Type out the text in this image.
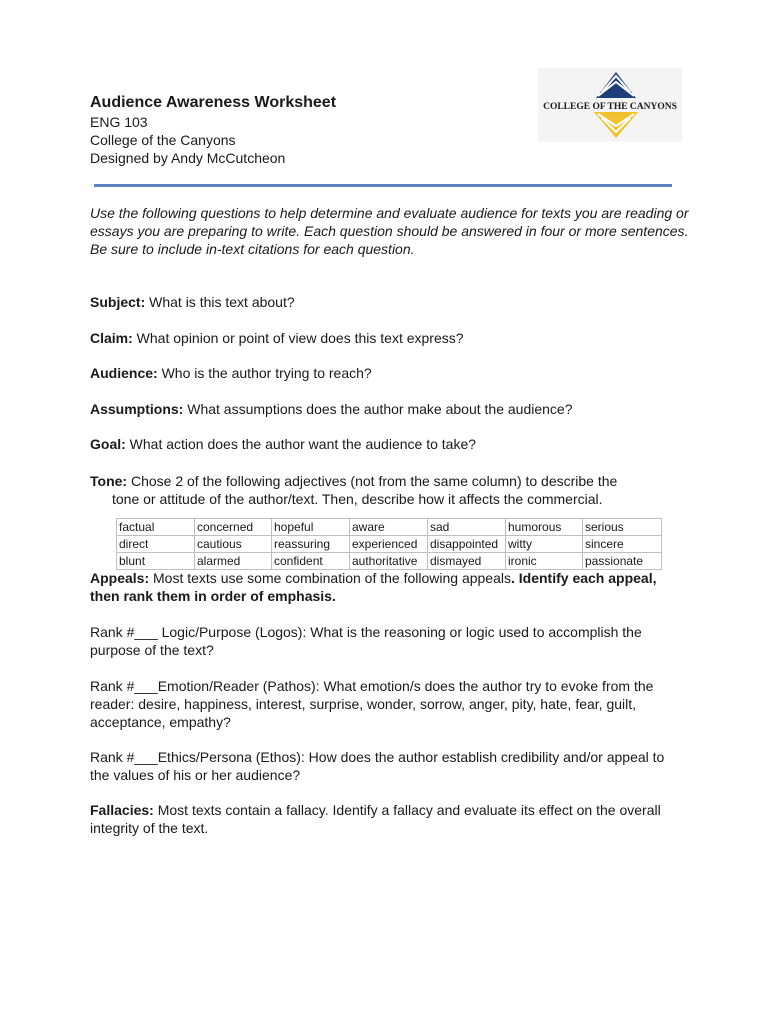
Audience Awareness Worksheet
ENG 103
College of the Canyons
Designed by Andy McCutcheon
COLLEGE OF THE CANYONS
Use the following questions to help determine and evaluate audience for texts you are reading or essays you are preparing to write. Each question should be answered in four or more sentences. Be sure to include in-text citations for each question.
Subject: What is this text about?
Claim: What opinion or point of view does this text express?
Audience: Who is the author trying to reach?
Assumptions: What assumptions does the author make about the audience?
Goal: What action does the author want the audience to take?
Tone: Chose 2 of the following adjectives (not from the same column) to describe the
tone or attitude of the author/text. Then, describe how it affects the commercial.
factual	concerned	hopeful	aware	sad	humorous	serious
direct	cautious	reassuring	experienced	disappointed	witty	sincere
blunt	alarmed	confident	authoritative	dismayed	ironic	passionate
Appeals: Most texts use some combination of the following appeals. Identify each appeal, then rank them in order of emphasis.
Rank #___ Logic/Purpose (Logos): What is the reasoning or logic used to accomplish the purpose of the text?
Rank #___Emotion/Reader (Pathos): What emotion/s does the author try to evoke from the reader: desire, happiness, interest, surprise, wonder, sorrow, anger, pity, hate, fear, guilt, acceptance, empathy?
Rank #___Ethics/Persona (Ethos): How does the author establish credibility and/or appeal to the values of his or her audience?
Fallacies: Most texts contain a fallacy. Identify a fallacy and evaluate its effect on the overall integrity of the text.
